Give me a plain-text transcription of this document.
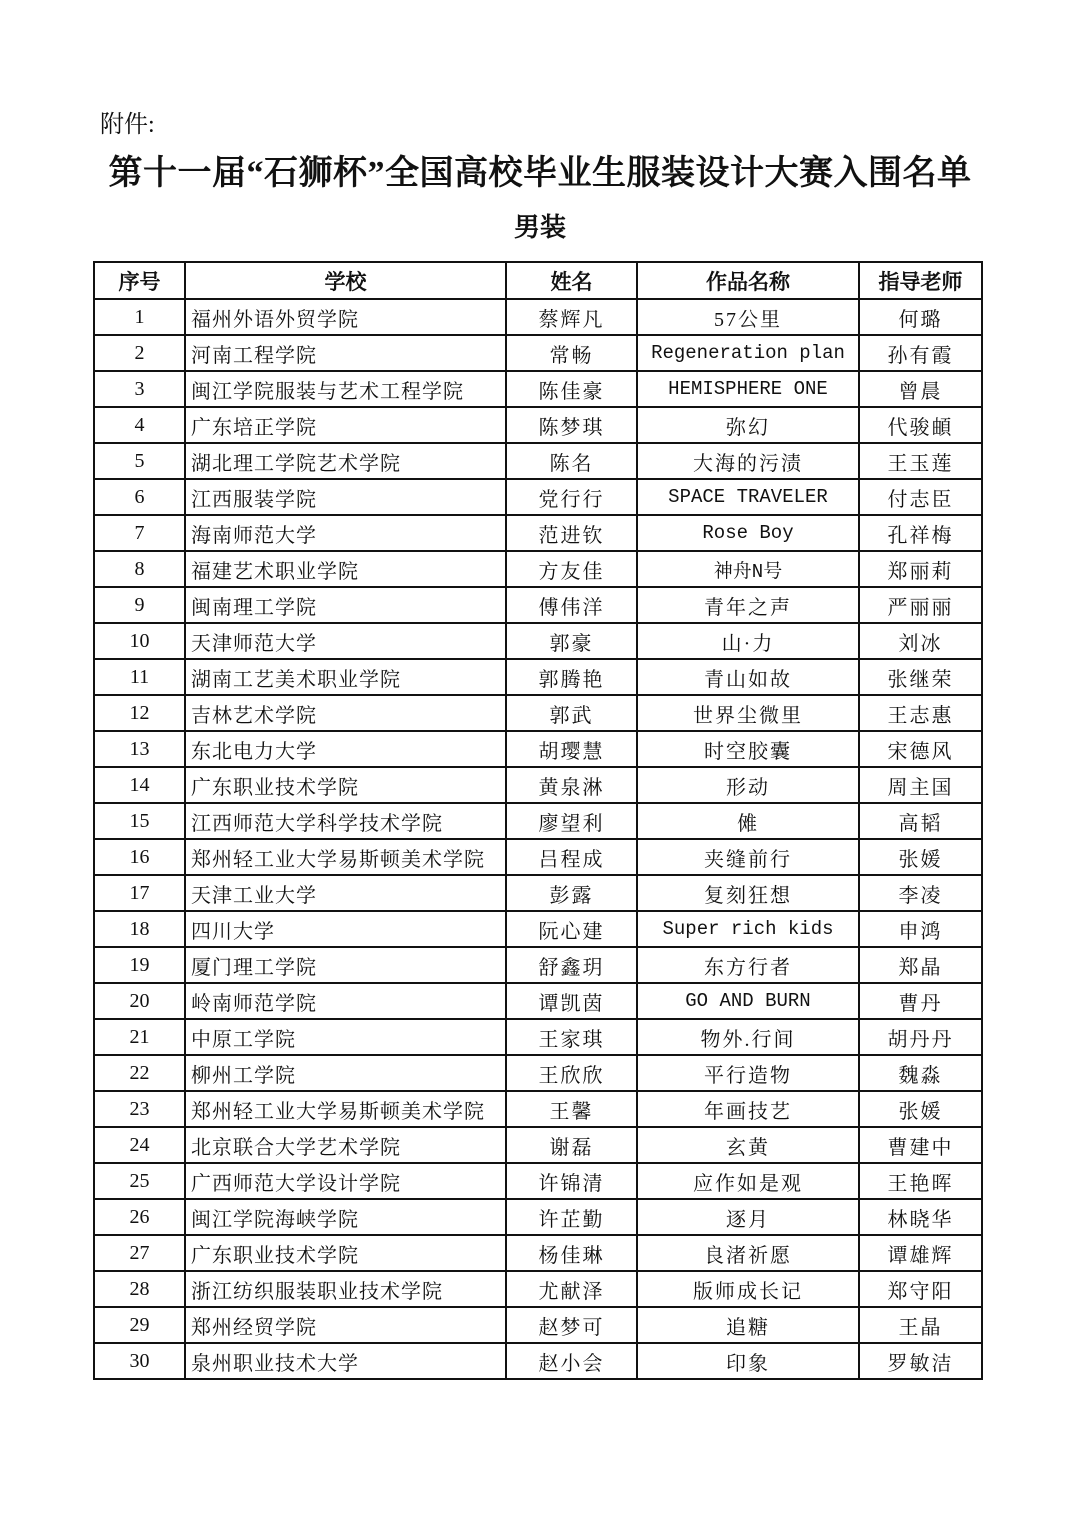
附件:
第十一届“石狮杯”全国高校毕业生服装设计大赛入围名单
男装
序号	学校	姓名	作品名称	指导老师
1	福州外语外贸学院	蔡辉凡	57公里	何璐
2	河南工程学院	常畅	Regeneration plan	孙有霞
3	闽江学院服装与艺术工程学院	陈佳豪	HEMISPHERE ONE	曾晨
4	广东培正学院	陈梦琪	弥幻	代骏頔
5	湖北理工学院艺术学院	陈名	大海的污渍	王玉莲
6	江西服装学院	党行行	SPACE TRAVELER	付志臣
7	海南师范大学	范进钦	Rose Boy	孔祥梅
8	福建艺术职业学院	方友佳	神舟N号	郑丽莉
9	闽南理工学院	傅伟洋	青年之声	严丽丽
10	天津师范大学	郭豪	山·力	刘冰
11	湖南工艺美术职业学院	郭腾艳	青山如故	张继荣
12	吉林艺术学院	郭武	世界尘微里	王志惠
13	东北电力大学	胡璎慧	时空胶囊	宋德风
14	广东职业技术学院	黄泉淋	形动	周主国
15	江西师范大学科学技术学院	廖望利	傩	高韬
16	郑州轻工业大学易斯顿美术学院	吕程成	夹缝前行	张媛
17	天津工业大学	彭露	复刻狂想	李凌
18	四川大学	阮心建	Super rich kids	申鸿
19	厦门理工学院	舒鑫玥	东方行者	郑晶
20	岭南师范学院	谭凯茵	GO AND BURN	曹丹
21	中原工学院	王家琪	物外.行间	胡丹丹
22	柳州工学院	王欣欣	平行造物	魏淼
23	郑州轻工业大学易斯顿美术学院	王馨	年画技艺	张媛
24	北京联合大学艺术学院	谢磊	玄黄	曹建中
25	广西师范大学设计学院	许锦清	应作如是观	王艳晖
26	闽江学院海峡学院	许芷勤	逐月	林晓华
27	广东职业技术学院	杨佳琳	良渚祈愿	谭雄辉
28	浙江纺织服装职业技术学院	尤献泽	版师成长记	郑守阳
29	郑州经贸学院	赵梦可	追糖	王晶
30	泉州职业技术大学	赵小会	印象	罗敏洁
